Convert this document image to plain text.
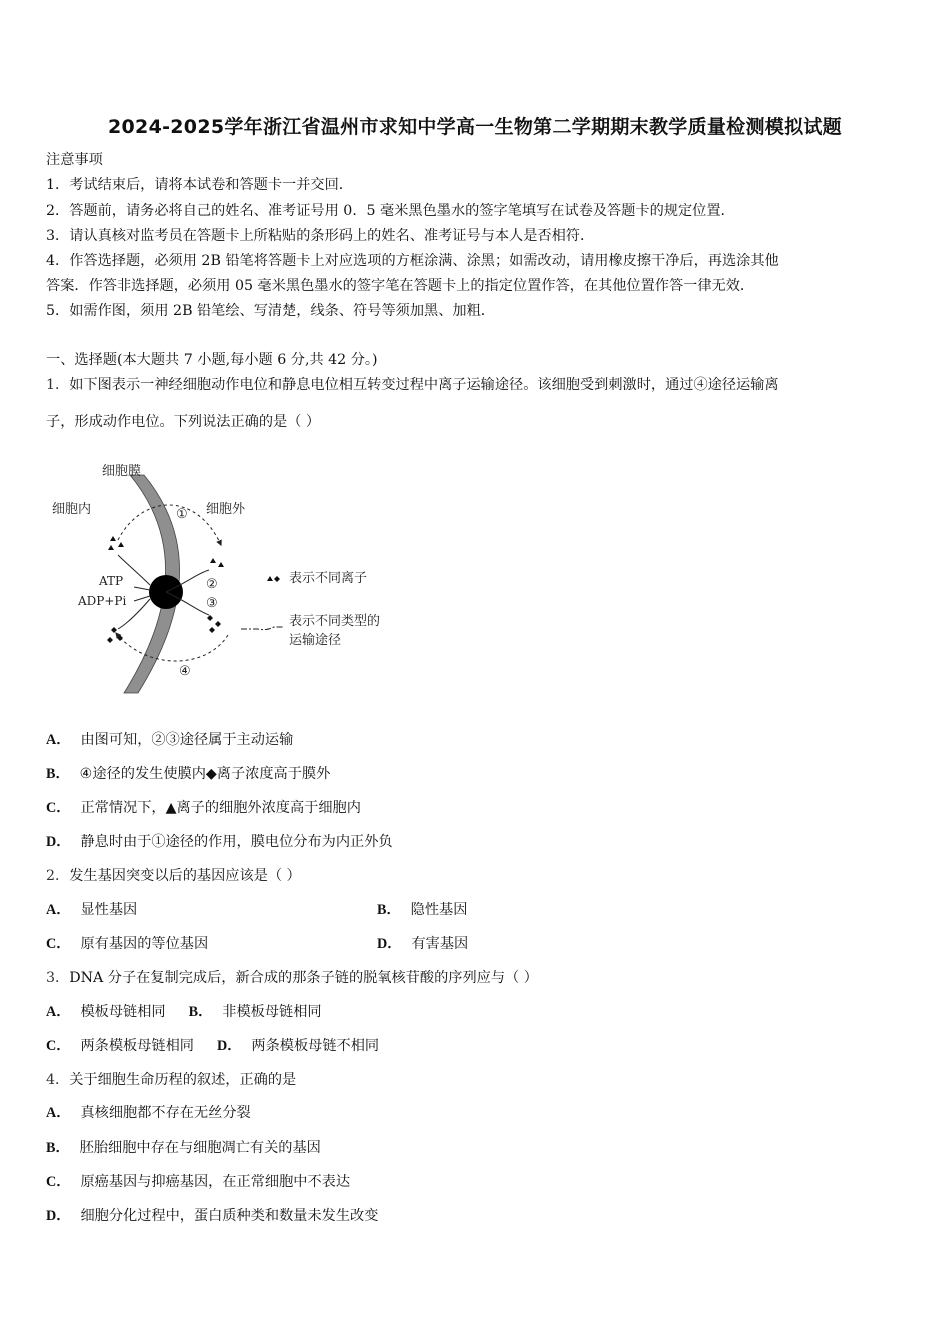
2024-2025学年浙江省温州市求知中学高一生物第二学期期末教学质量检测模拟试题
注意事项
1．考试结束后，请将本试卷和答题卡一并交回．
2．答题前，请务必将自己的姓名、准考证号用 0．5 毫米黑色墨水的签字笔填写在试卷及答题卡的规定位置．
3．请认真核对监考员在答题卡上所粘贴的条形码上的姓名、准考证号与本人是否相符．
4．作答选择题，必须用 2B 铅笔将答题卡上对应选项的方框涂满、涂黑；如需改动，请用橡皮擦干净后，再选涂其他
答案．作答非选择题，必须用 05 毫米黑色墨水的签字笔在答题卡上的指定位置作答，在其他位置作答一律无效．
5．如需作图，须用 2B 铅笔绘、写清楚，线条、符号等须加黑、加粗．
一、选择题(本大题共 7 小题,每小题 6 分,共 42 分。)
1．如下图表示一神经细胞动作电位和静息电位相互转变过程中离子运输途径。该细胞受到刺激时，通过④途径运输离
子，形成动作电位。下列说法正确的是（ ）
细胞膜
细胞内	细胞外
ATP
ADP+Pi
①
②
③
④
表示不同离子
表示不同类型的
运输途径
A． 由图可知，②③途径属于主动运输
B． ④途径的发生使膜内◆离子浓度高于膜外
C． 正常情况下，▲离子的细胞外浓度高于细胞内
D． 静息时由于①途径的作用，膜电位分布为内正外负
2．发生基因突变以后的基因应该是（ ）
A． 显性基因	B． 隐性基因
C． 原有基因的等位基因	D． 有害基因
3．DNA 分子在复制完成后，新合成的那条子链的脱氧核苷酸的序列应与（ ）
A． 模板母链相同 B． 非模板母链相同
C． 两条模板母链相同 D． 两条模板母链不相同
4．关于细胞生命历程的叙述，正确的是
A． 真核细胞都不存在无丝分裂
B． 胚胎细胞中存在与细胞凋亡有关的基因
C． 原癌基因与抑癌基因，在正常细胞中不表达
D． 细胞分化过程中，蛋白质种类和数量未发生改变
